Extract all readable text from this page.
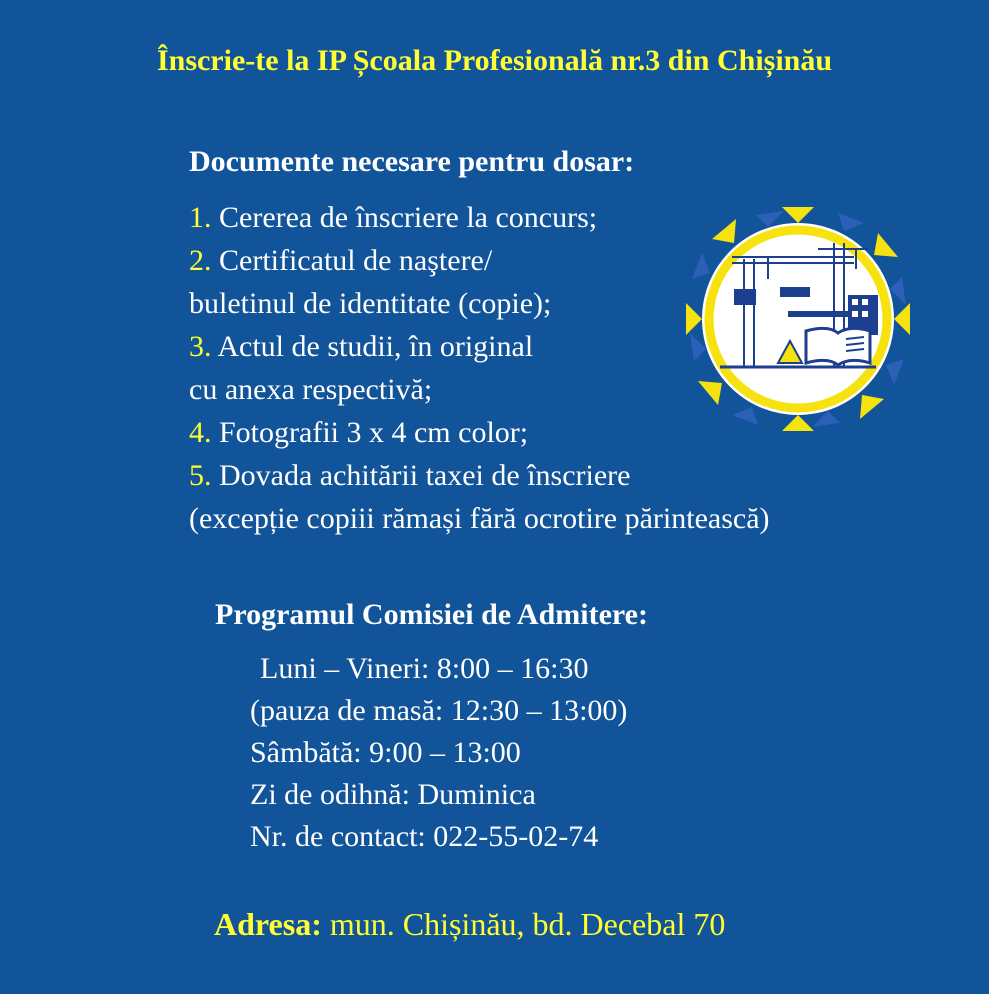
Înscrie-te la IP Școala Profesională nr.3 din Chișinău
Documente necesare pentru dosar:
1. Cererea de înscriere la concurs;
2. Certificatul de naştere/
buletinul de identitate (copie);
3. Actul de studii, în original
cu anexa respectivă;
4. Fotografii 3 x 4 cm color;
5. Dovada achitării taxei de înscriere
(excepție copiii rămași fără ocrotire părintească)
Programul Comisiei de Admitere:
Luni – Vineri: 8:00 – 16:30
(pauza de masă: 12:30 – 13:00)
Sâmbătă: 9:00 – 13:00
Zi de odihnă: Duminica
Nr. de contact: 022-55-02-74
Adresa: mun. Chișinău, bd. Decebal 70
